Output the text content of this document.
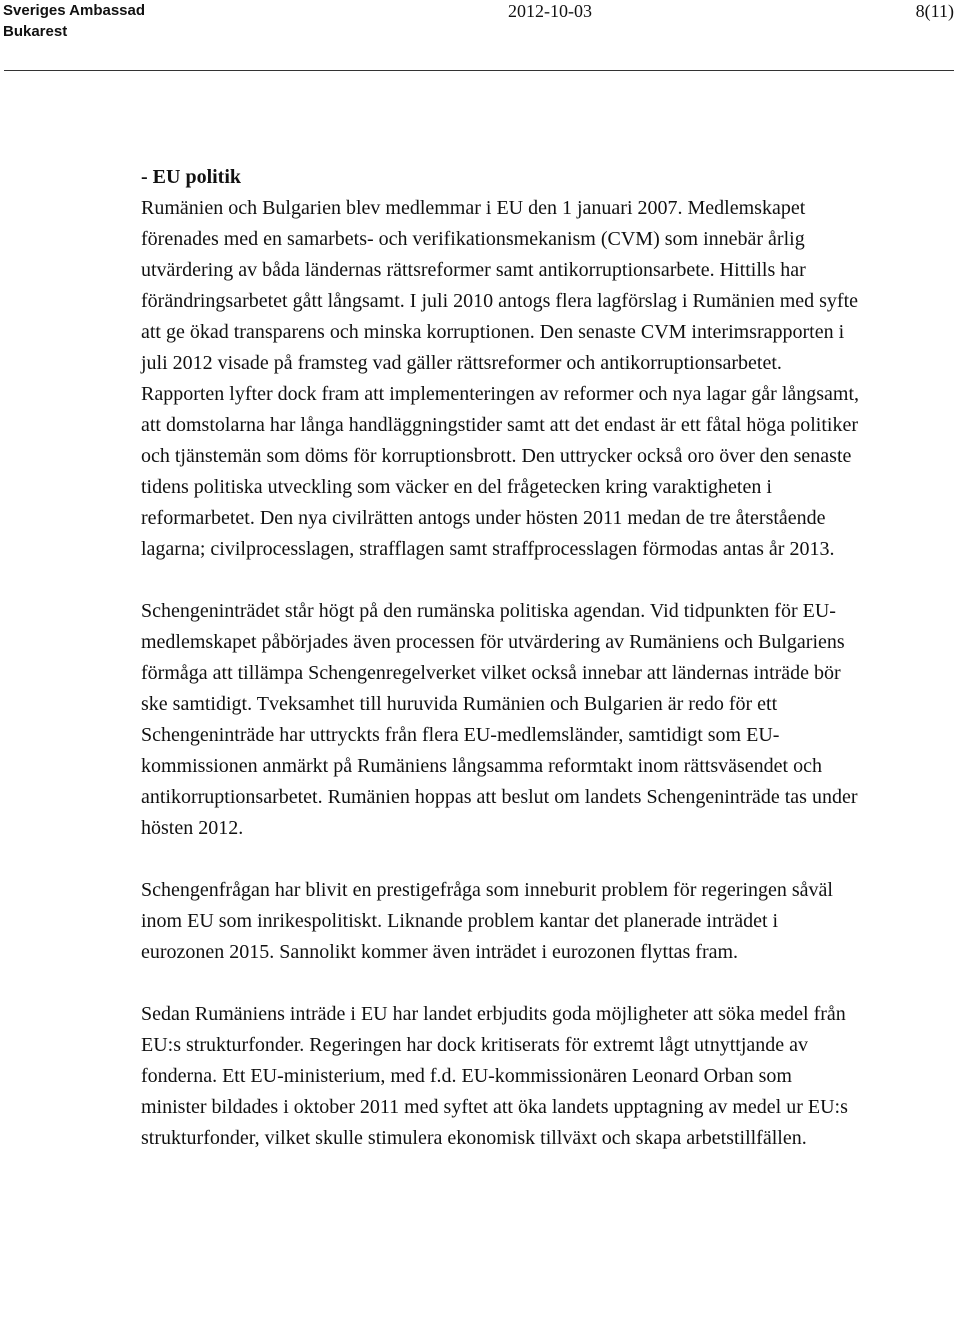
Sveriges Ambassad
Bukarest
2012-10-03	8(11)

- EU politik
Rumänien och Bulgarien blev medlemmar i EU den 1 januari 2007. Medlemskapet förenades med en samarbets- och verifikationsmekanism (CVM) som innebär årlig utvärdering av båda ländernas rättsreformer samt antikorruptionsarbete. Hittills har förändringsarbetet gått långsamt. I juli 2010 antogs flera lagförslag i Rumänien med syfte att ge ökad transparens och minska korruptionen. Den senaste CVM interimsrapporten i juli 2012 visade på framsteg vad gäller rättsreformer och antikorruptionsarbetet. Rapporten lyfter dock fram att implementeringen av reformer och nya lagar går långsamt, att domstolarna har långa handläggningstider samt att det endast är ett fåtal höga politiker och tjänstemän som döms för korruptionsbrott. Den uttrycker också oro över den senaste tidens politiska utveckling som väcker en del frågetecken kring varaktigheten i reformarbetet. Den nya civilrätten antogs under hösten 2011 medan de tre återstående lagarna; civilprocesslagen, strafflagen samt straffprocesslagen förmodas antas år 2013.

Schengeninträdet står högt på den rumänska politiska agendan. Vid tidpunkten för EU-medlemskapet påbörjades även processen för utvärdering av Rumäniens och Bulgariens förmåga att tillämpa Schengenregelverket vilket också innebar att ländernas inträde bör ske samtidigt. Tveksamhet till huruvida Rumänien och Bulgarien är redo för ett Schengeninträde har uttryckts från flera EU-medlemsländer, samtidigt som EU-kommissionen anmärkt på Rumäniens långsamma reformtakt inom rättsväsendet och antikorruptionsarbetet. Rumänien hoppas att beslut om landets Schengeninträde tas under hösten 2012.

Schengenfrågan har blivit en prestigefråga som inneburit problem för regeringen såväl inom EU som inrikespolitiskt. Liknande problem kantar det planerade inträdet i eurozonen 2015. Sannolikt kommer även inträdet i eurozonen flyttas fram.

Sedan Rumäniens inträde i EU har landet erbjudits goda möjligheter att söka medel från EU:s strukturfonder. Regeringen har dock kritiserats för extremt lågt utnyttjande av fonderna. Ett EU-ministerium, med f.d. EU-kommissionären Leonard Orban som minister bildades i oktober 2011 med syftet att öka landets upptagning av medel ur EU:s strukturfonder, vilket skulle stimulera ekonomisk tillväxt och skapa arbetstillfällen.
